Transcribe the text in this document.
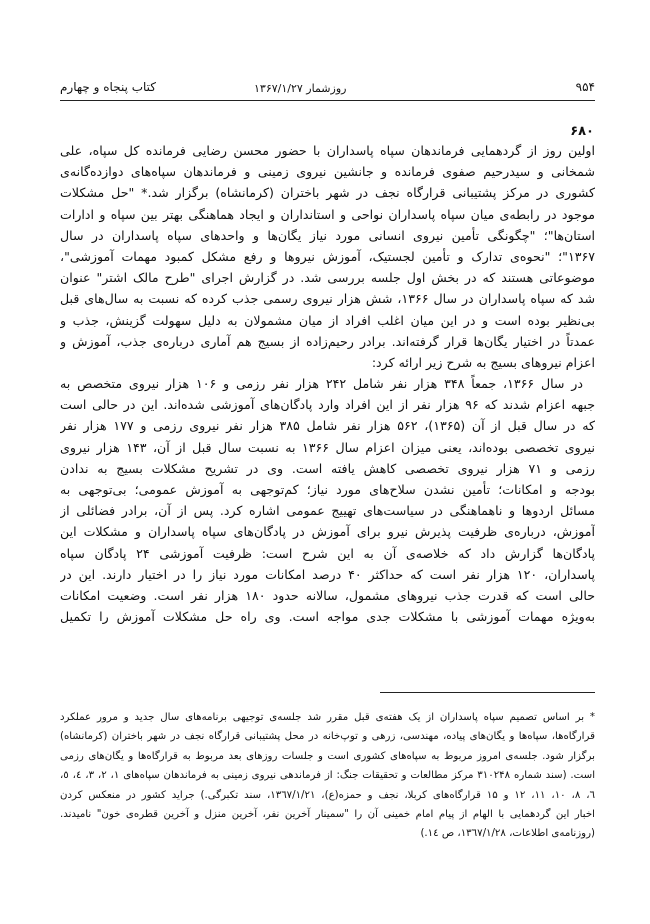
۹۵۴
روزشمار ۱۳۶۷/۱/۲۷
کتاب پنجاه و چهارم
۶۸۰
اولین روز از گردهمایی فرماندهان سپاه پاسداران با حضور محسن رضایی فرمانده کل سپاه، علی
شمخانی و سیدرحیم صفوی فرمانده و جانشین نیروی زمینی و فرماندهان سپاه‌های دوازده‌گانه‌ی
کشوری در مرکز پشتیبانی قرارگاه نجف در شهر باختران (کرمانشاه) برگزار شد.* "حل مشکلات
موجود در رابطه‌ی میان سپاه پاسداران نواحی و استانداران و ایجاد هماهنگی بهتر بین سپاه و ادارات
استان‌ها"؛ "چگونگی تأمین نیروی انسانی مورد نیاز یگان‌ها و واحدهای سپاه پاسداران در سال
۱۳۶۷"؛ "نحوه‌ی تدارک و تأمین لجستیک، آموزش نیروها و رفع مشکل کمبود مهمات آموزشی"،
موضوعاتی هستند که در بخش اول جلسه بررسی شد. در گزارش اجرای "طرح مالک اشتر" عنوان
شد که سپاه پاسداران در سال ۱۳۶۶، شش هزار نیروی رسمی جذب کرده که نسبت به سال‌های قبل
بی‌نظیر بوده است و در این میان اغلب افراد از میان مشمولان به دلیل سهولت گزینش، جذب و
عمدتاً در اختیار یگان‌ها قرار گرفته‌اند. برادر رحیم‌زاده از بسیج هم آماری درباره‌ی جذب، آموزش و
اعزام نیروهای بسیج به شرح زیر ارائه کرد:
در سال ۱۳۶۶، جمعاً ۳۴۸ هزار نفر شامل ۲۴۲ هزار نفر رزمی و ۱۰۶ هزار نیروی متخصص به
جبهه اعزام شدند که ۹۶ هزار نفر از این افراد وارد پادگان‌های آموزشی شده‌اند. این در حالی است
که در سال قبل از آن (۱۳۶۵)، ۵۶۲ هزار نفر شامل ۳۸۵ هزار نفر نیروی رزمی و ۱۷۷ هزار نفر
نیروی تخصصی بوده‌اند، یعنی میزان اعزام سال ۱۳۶۶ به نسبت سال قبل از آن، ۱۴۳ هزار نیروی
رزمی و ۷۱ هزار نیروی تخصصی کاهش یافته است. وی در تشریح مشکلات بسیج به ندادن
بودجه و امکانات؛ تأمین نشدن سلاح‌های مورد نیاز؛ کم‌توجهی به آموزش عمومی؛ بی‌توجهی به
مسائل اردوها و ناهماهنگی در سیاست‌های تهییج عمومی اشاره کرد. پس از آن، برادر فضائلی از
آموزش، درباره‌ی ظرفیت پذیرش نیرو برای آموزش در پادگان‌های سپاه پاسداران و مشکلات این
پادگان‌ها گزارش داد که خلاصه‌ی آن به این شرح است: ظرفیت آموزشی ۲۴ پادگان سپاه
پاسداران، ۱۲۰ هزار نفر است که حداکثر ۴۰ درصد امکانات مورد نیاز را در اختیار دارند. این در
حالی است که قدرت جذب نیروهای مشمول، سالانه حدود ۱۸۰ هزار نفر است. وضعیت امکانات
به‌ویژه مهمات آموزشی با مشکلات جدی مواجه است. وی راه حل مشکلات آموزش را تکمیل
* بر اساس تصمیم سپاه پاسداران از یک هفته‌ی قبل مقرر شد جلسه‌ی توجیهی برنامه‌های سال جدید و مرور عملکرد
قرارگاه‌ها، سپاه‌ها و یگان‌های پیاده، مهندسی، زرهی و توپ‌خانه در محل پشتیبانی قرارگاه نجف در شهر باختران (کرمانشاه)
برگزار شود. جلسه‌ی امروز مربوط به سپاه‌های کشوری است و جلسات روزهای بعد مربوط به قرارگاه‌ها و یگان‌های رزمی
است. (سند شماره ۳۱۰۲۴۸ مرکز مطالعات و تحقیقات جنگ: از فرماندهی نیروی زمینی به فرماندهان سپاه‌های ۱، ۲، ۳، ٤، ٥،
٦، ۸، ۱۰، ۱۱، ۱۲ و ۱۵ قرارگاه‌های کربلا، نجف و حمزه(ع)، ۱۳٦۷/۱/۲۱، سند تکبرگی.) جراید کشور در منعکس کردن
اخبار این گردهمایی با الهام از پیام امام خمینی آن را "سمینار آخرین نفر، آخرین منزل و آخرین قطره‌ی خون" نامیدند.
(روزنامه‌ی اطلاعات، ۱۳٦۷/۱/۲۸، ص ١٤.)
